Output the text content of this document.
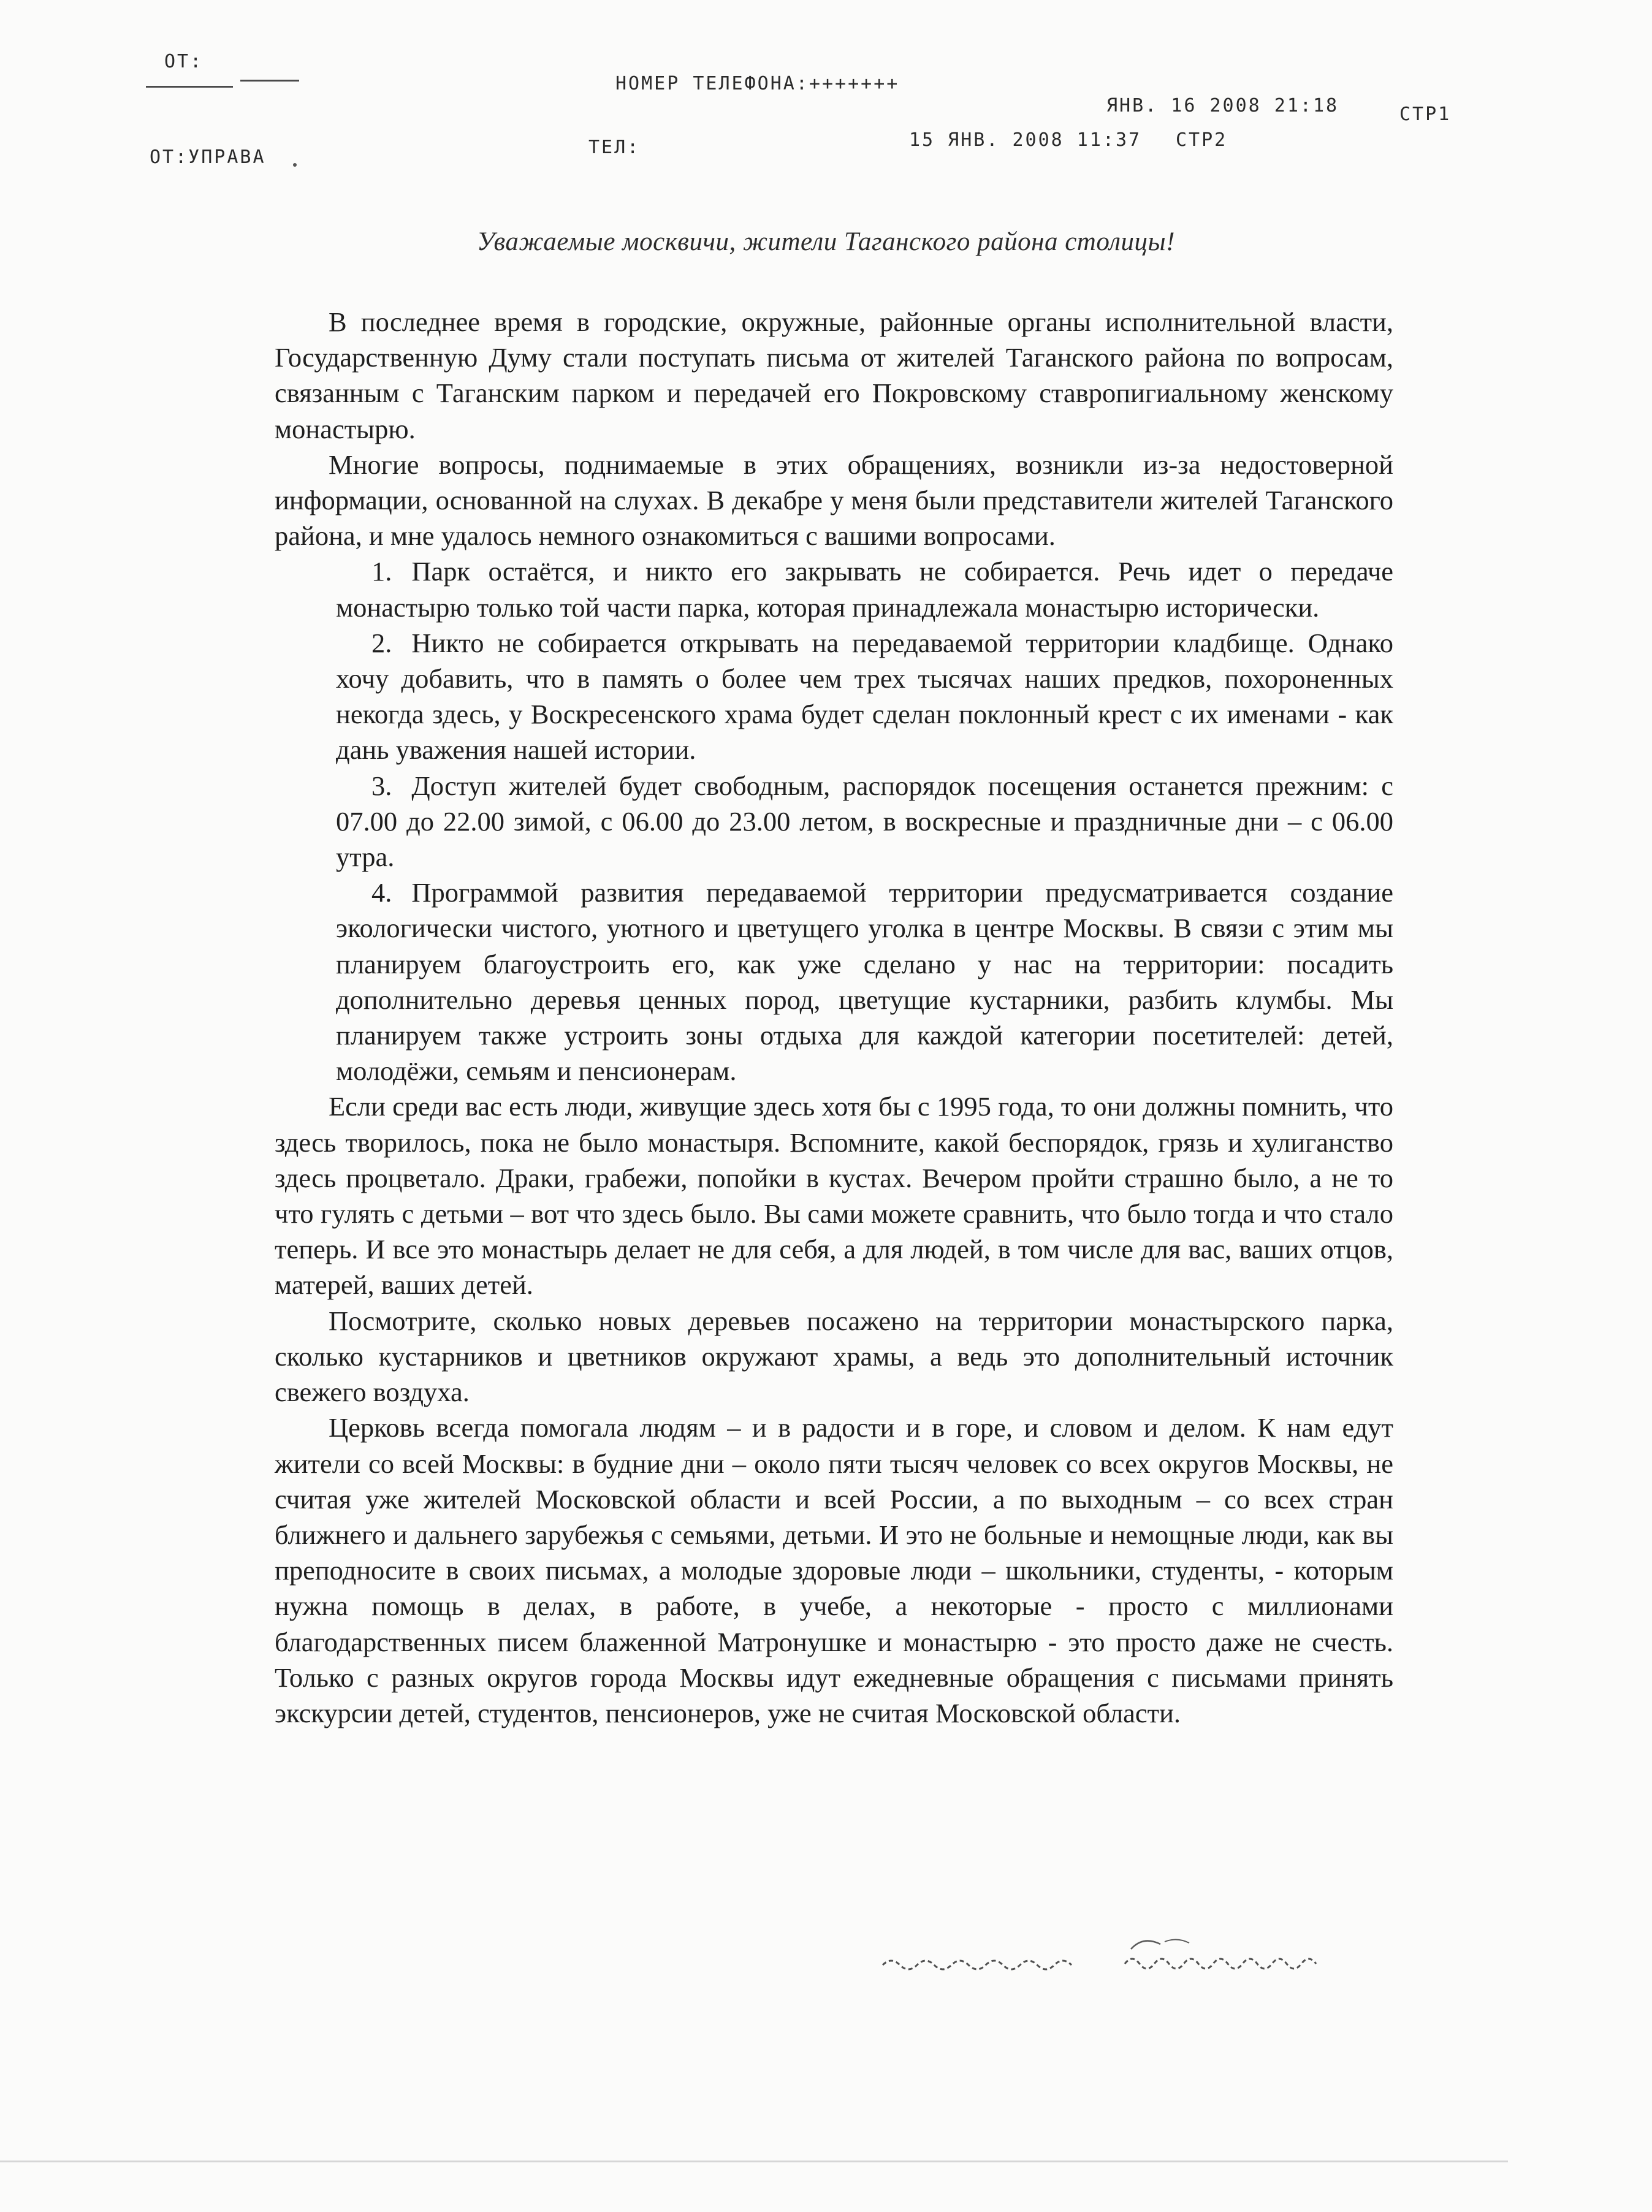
ОТ:
НОМЕР ТЕЛЕФОНА:+++++++
ЯНВ. 16 2008 21:18	СТР1
ОТ:УПРАВА	ТЕЛ:	15 ЯНВ. 2008 11:37 СТР2
Уважаемые москвичи, жители Таганского района столицы!

В последнее время в городские, окружные, районные органы исполнительной власти, Государственную Думу стали поступать письма от жителей Таганского района по вопросам, связанным с Таганским парком и передачей его Покровскому ставропигиальному женскому монастырю.

Многие вопросы, поднимаемые в этих обращениях, возникли из-за недостоверной информации, основанной на слухах. В декабре у меня были представители жителей Таганского района, и мне удалось немного ознакомиться с вашими вопросами.

1. Парк остаётся, и никто его закрывать не собирается. Речь идет о передаче монастырю только той части парка, которая принадлежала монастырю исторически.
2. Никто не собирается открывать на передаваемой территории кладбище. Однако хочу добавить, что в память о более чем трех тысячах наших предков, похороненных некогда здесь, у Воскресенского храма будет сделан поклонный крест с их именами - как дань уважения нашей истории.
3. Доступ жителей будет свободным, распорядок посещения останется прежним: с 07.00 до 22.00 зимой, с 06.00 до 23.00 летом, в воскресные и праздничные дни – с 06.00 утра.
4. Программой развития передаваемой территории предусматривается создание экологически чистого, уютного и цветущего уголка в центре Москвы. В связи с этим мы планируем благоустроить его, как уже сделано у нас на территории: посадить дополнительно деревья ценных пород, цветущие кустарники, разбить клумбы. Мы планируем также устроить зоны отдыха для каждой категории посетителей: детей, молодёжи, семьям и пенсионерам.

Если среди вас есть люди, живущие здесь хотя бы с 1995 года, то они должны помнить, что здесь творилось, пока не было монастыря. Вспомните, какой беспорядок, грязь и хулиганство здесь процветало. Драки, грабежи, попойки в кустах. Вечером пройти страшно было, а не то что гулять с детьми – вот что здесь было. Вы сами можете сравнить, что было тогда и что стало теперь. И все это монастырь делает не для себя, а для людей, в том числе для вас, ваших отцов, матерей, ваших детей.

Посмотрите, сколько новых деревьев посажено на территории монастырского парка, сколько кустарников и цветников окружают храмы, а ведь это дополнительный источник свежего воздуха.

Церковь всегда помогала людям – и в радости и в горе, и словом и делом. К нам едут жители со всей Москвы: в будние дни – около пяти тысяч человек со всех округов Москвы, не считая уже жителей Московской области и всей России, а по выходным – со всех стран ближнего и дальнего зарубежья с семьями, детьми. И это не больные и немощные люди, как вы преподносите в своих письмах, а молодые здоровые люди – школьники, студенты, - которым нужна помощь в делах, в работе, в учебе, а некоторые - просто с миллионами благодарственных писем блаженной Матронушке и монастырю - это просто даже не счесть. Только с разных округов города Москвы идут ежедневные обращения с письмами принять экскурсии детей, студентов, пенсионеров, уже не считая Московской области.
